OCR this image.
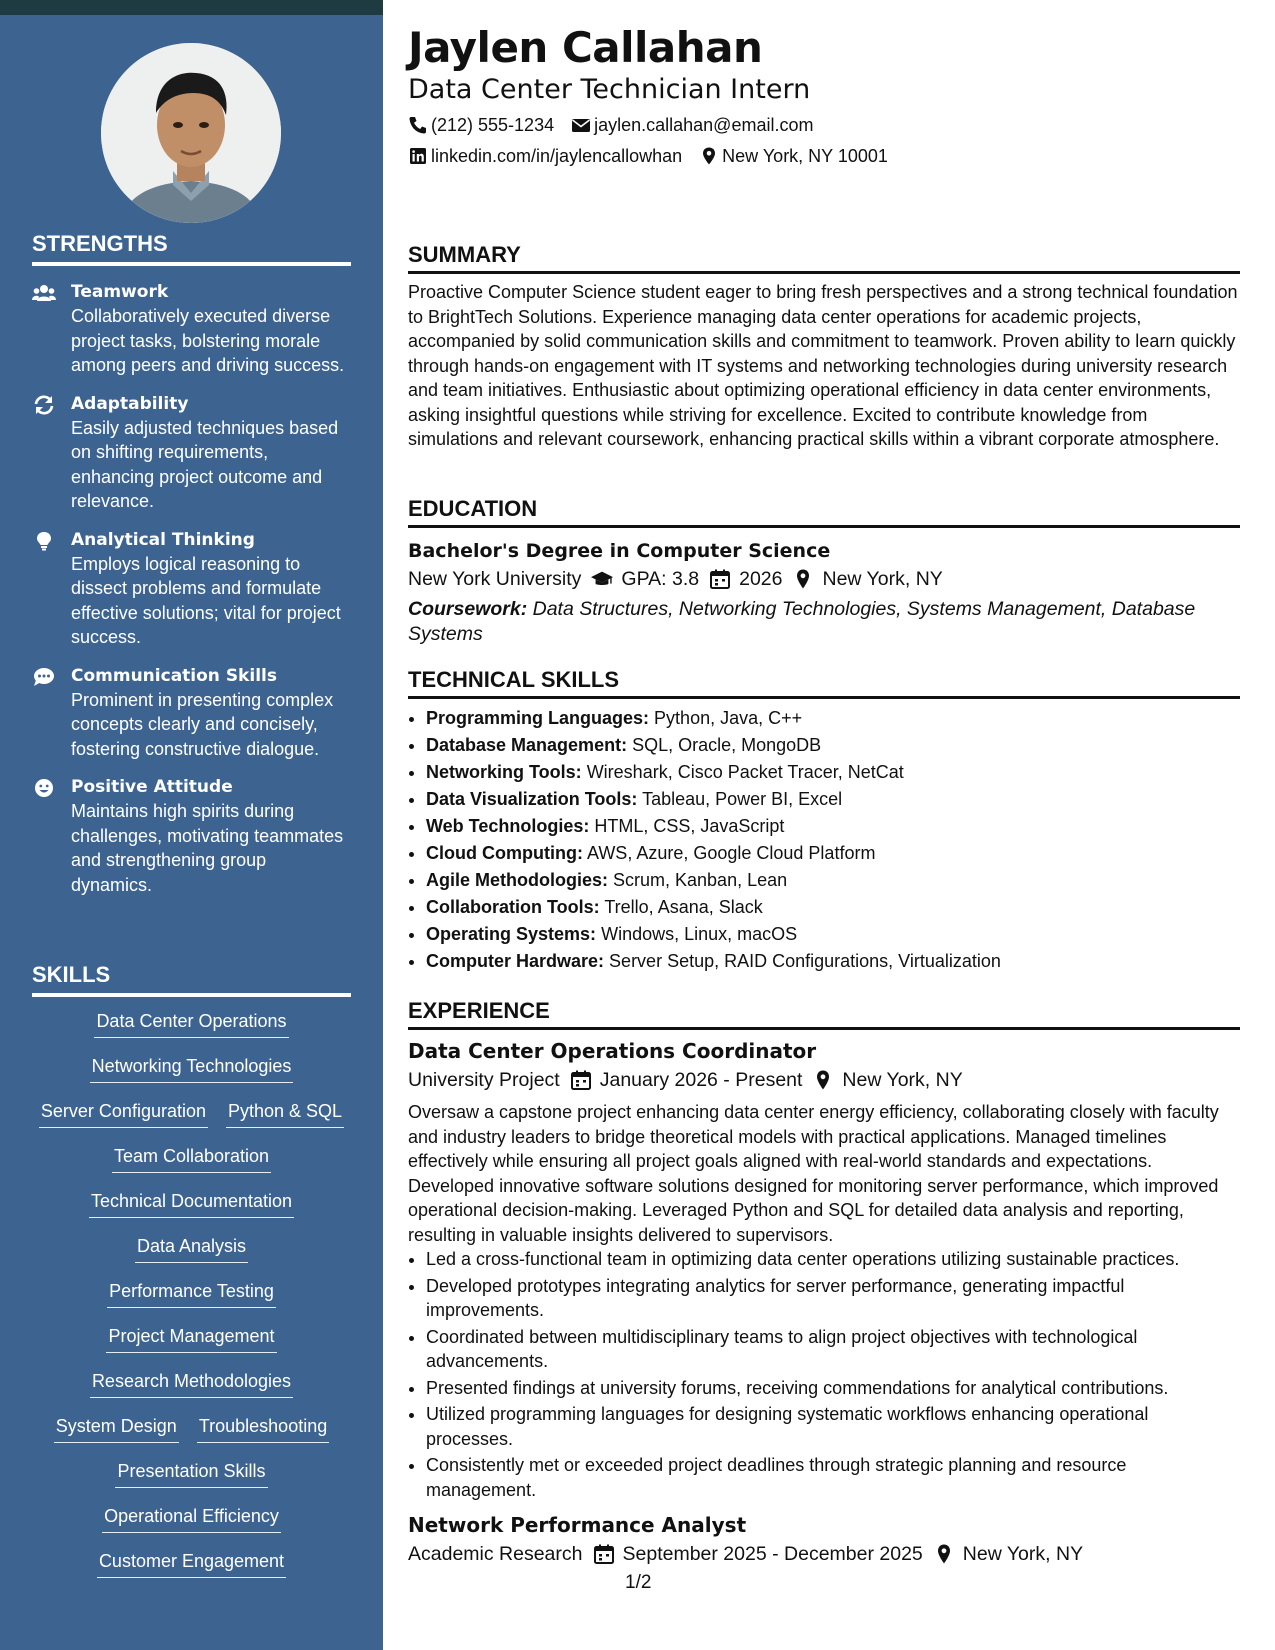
STRENGTHS
Teamwork
Collaboratively executed diverse project tasks, bolstering morale among peers and driving success.
Adaptability
Easily adjusted techniques based on shifting requirements, enhancing project outcome and relevance.
Analytical Thinking
Employs logical reasoning to dissect problems and formulate effective solutions; vital for project success.
Communication Skills
Prominent in presenting complex concepts clearly and concisely, fostering constructive dialogue.
Positive Attitude
Maintains high spirits during challenges, motivating teammates and strengthening group dynamics.
SKILLS
Data Center Operations
Networking Technologies
Server Configuration Python & SQL
Team Collaboration
Technical Documentation
Data Analysis
Performance Testing
Project Management
Research Methodologies
System Design Troubleshooting
Presentation Skills
Operational Efficiency
Customer Engagement
Jaylen Callahan
Data Center Technician Intern
(212) 555-1234 jaylen.callahan@email.com
linkedin.com/in/jaylencallowhan New York, NY 10001
SUMMARY
Proactive Computer Science student eager to bring fresh perspectives and a strong technical foundation to BrightTech Solutions. Experience managing data center operations for academic projects, accompanied by solid communication skills and commitment to teamwork. Proven ability to learn quickly through hands-on engagement with IT systems and networking technologies during university research and team initiatives. Enthusiastic about optimizing operational efficiency in data center environments, asking insightful questions while striving for excellence. Excited to contribute knowledge from simulations and relevant coursework, enhancing practical skills within a vibrant corporate atmosphere.
EDUCATION
Bachelor's Degree in Computer Science
New York University GPA: 3.8 2026 New York, NY
Coursework: Data Structures, Networking Technologies, Systems Management, Database Systems
TECHNICAL SKILLS
• Programming Languages: Python, Java, C++
• Database Management: SQL, Oracle, MongoDB
• Networking Tools: Wireshark, Cisco Packet Tracer, NetCat
• Data Visualization Tools: Tableau, Power BI, Excel
• Web Technologies: HTML, CSS, JavaScript
• Cloud Computing: AWS, Azure, Google Cloud Platform
• Agile Methodologies: Scrum, Kanban, Lean
• Collaboration Tools: Trello, Asana, Slack
• Operating Systems: Windows, Linux, macOS
• Computer Hardware: Server Setup, RAID Configurations, Virtualization
EXPERIENCE
Data Center Operations Coordinator
University Project January 2026 - Present New York, NY
Oversaw a capstone project enhancing data center energy efficiency, collaborating closely with faculty and industry leaders to bridge theoretical models with practical applications. Managed timelines effectively while ensuring all project goals aligned with real-world standards and expectations. Developed innovative software solutions designed for monitoring server performance, which improved operational decision-making. Leveraged Python and SQL for detailed data analysis and reporting, resulting in valuable insights delivered to supervisors.
• Led a cross-functional team in optimizing data center operations utilizing sustainable practices.
• Developed prototypes integrating analytics for server performance, generating impactful improvements.
• Coordinated between multidisciplinary teams to align project objectives with technological advancements.
• Presented findings at university forums, receiving commendations for analytical contributions.
• Utilized programming languages for designing systematic workflows enhancing operational processes.
• Consistently met or exceeded project deadlines through strategic planning and resource management.
Network Performance Analyst
Academic Research September 2025 - December 2025 New York, NY
1/2
